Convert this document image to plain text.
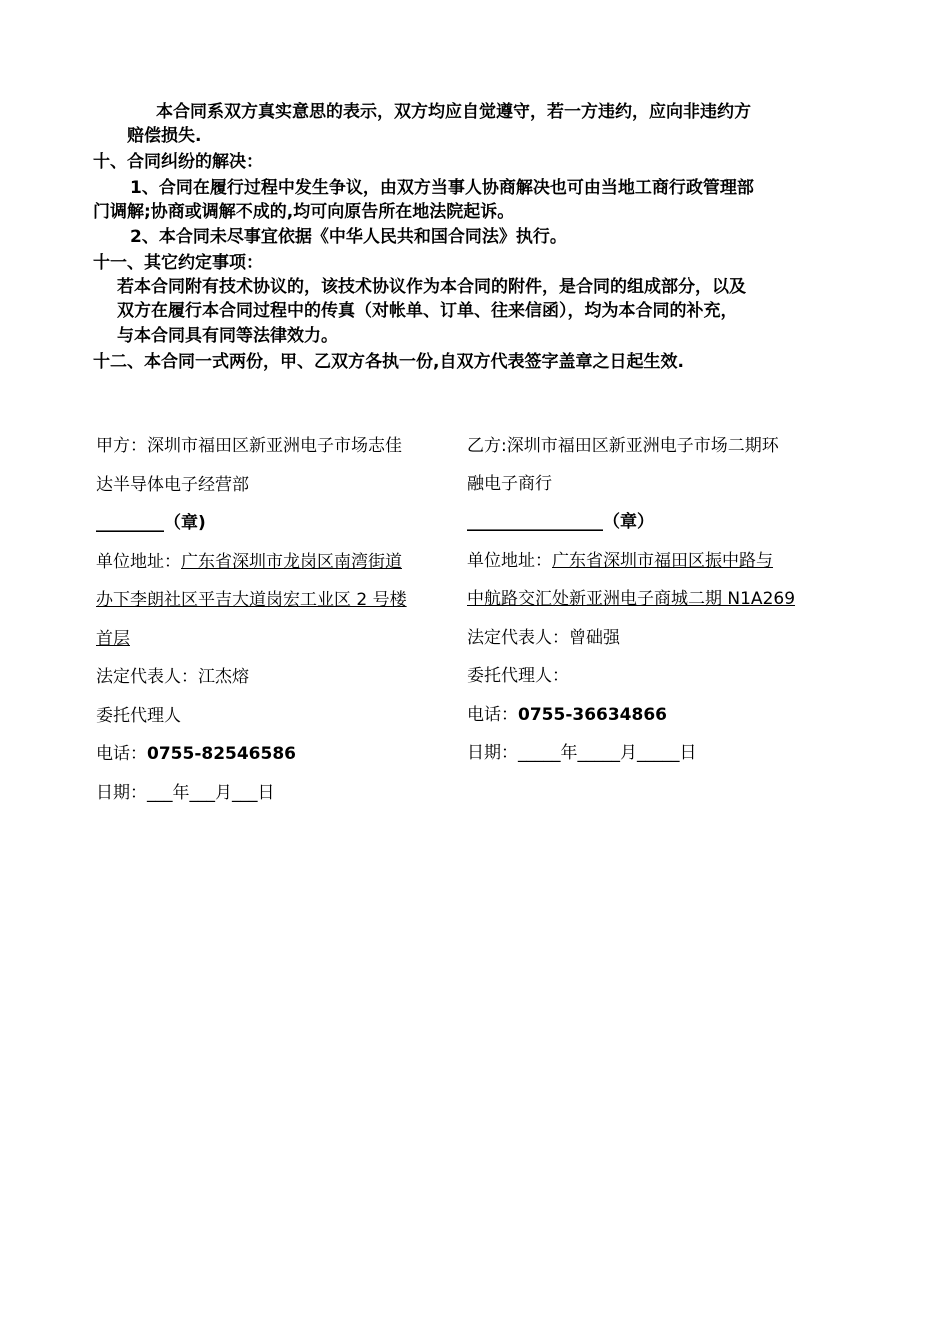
本合同系双方真实意思的表示，双方均应自觉遵守，若一方违约，应向非违约方
赔偿损失.
十、合同纠纷的解决：
1、合同在履行过程中发生争议，由双方当事人协商解决也可由当地工商行政管理部
门调解;协商或调解不成的,均可向原告所在地法院起诉。
2、本合同未尽事宜依据《中华人民共和国合同法》执行。
十一、其它约定事项：
若本合同附有技术协议的，该技术协议作为本合同的附件，是合同的组成部分，以及
双方在履行本合同过程中的传真（对帐单、订单、往来信函），均为本合同的补充，
与本合同具有同等法律效力。
十二、本合同一式两份，甲、乙双方各执一份,自双方代表签字盖章之日起生效.
甲方：深圳市福田区新亚洲电子市场志佳
达半导体电子经营部
________（章)
单位地址：广东省深圳市龙岗区南湾街道
办下李朗社区平吉大道岗宏工业区 2 号楼
首层
法定代表人：江杰熔
委托代理人
电话：0755-82546586
日期：___年___月___日
乙方:深圳市福田区新亚洲电子市场二期环
融电子商行
________________（章）
单位地址：广东省深圳市福田区振中路与
中航路交汇处新亚洲电子商城二期 N1A269
法定代表人：曾础强
委托代理人：
电话：0755-36634866
日期：_____年_____月_____日
